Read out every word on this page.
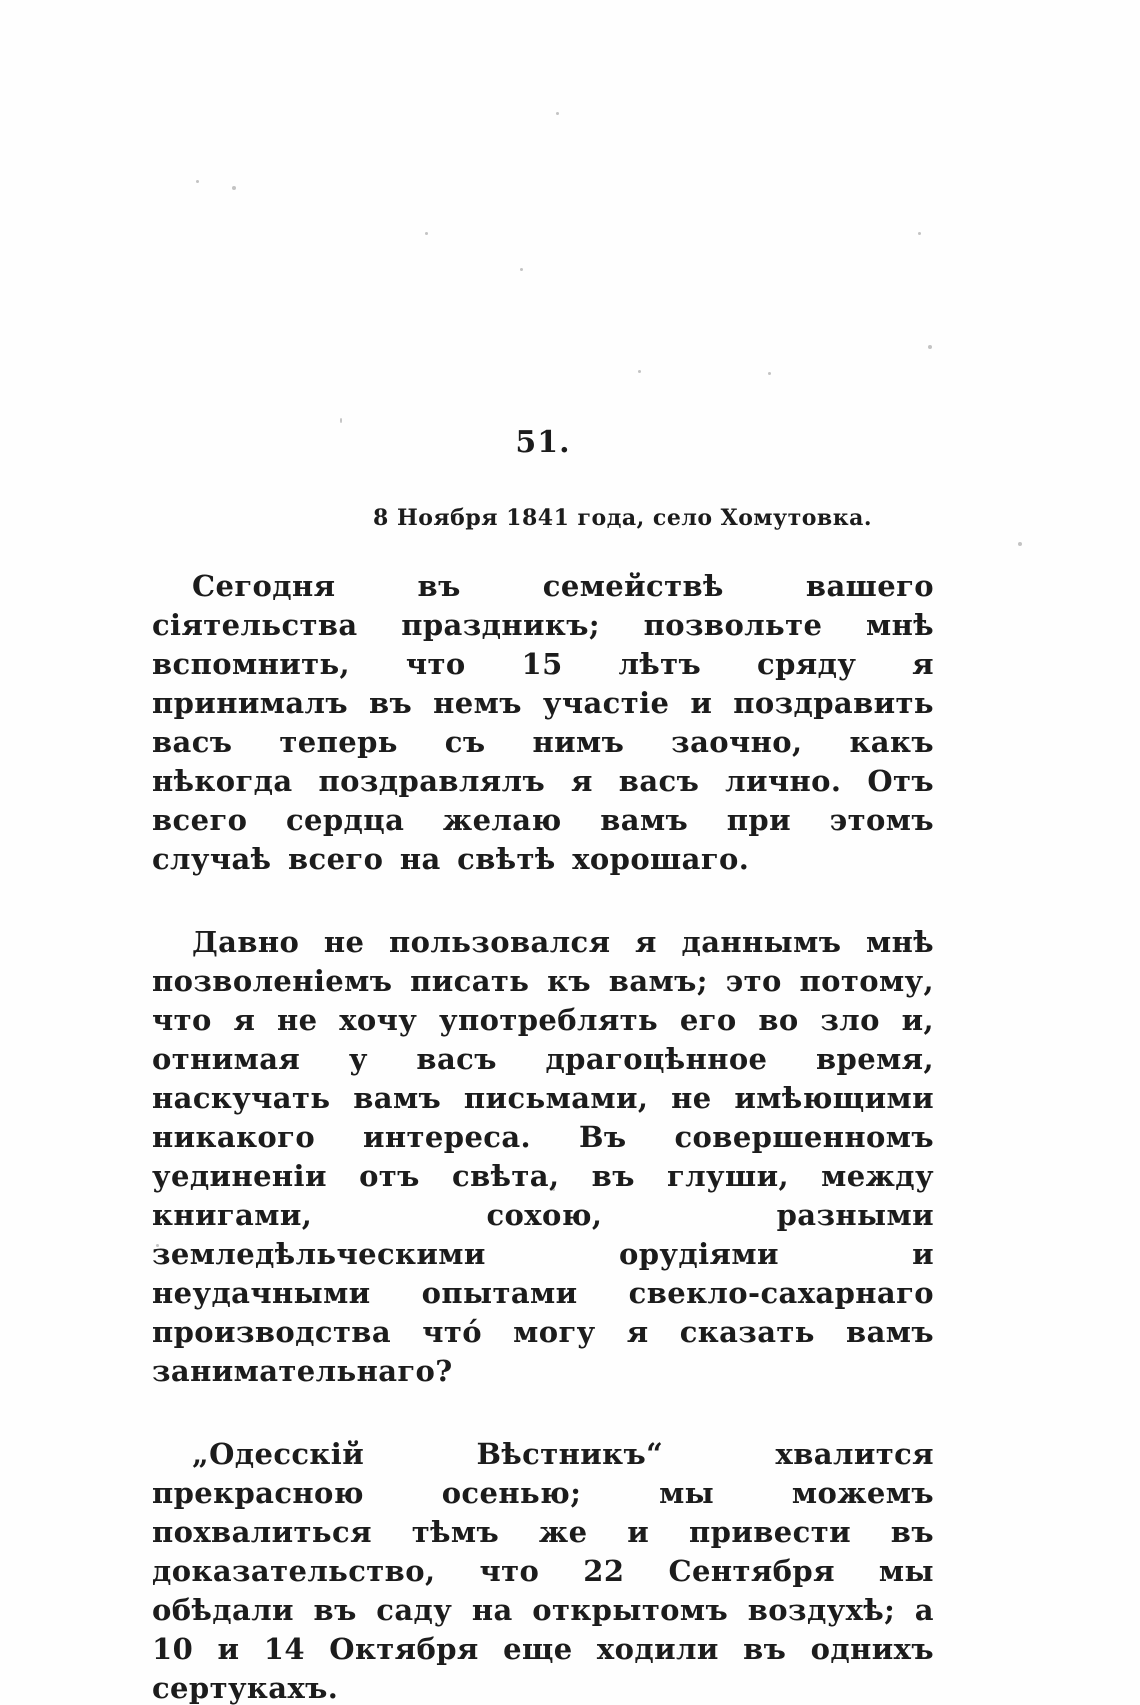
51.
8 Ноября 1841 года, село Хомутовка.

Сегодня въ семействѣ вашего сіятельства праздникъ; позвольте мнѣ вспомнить, что 15 лѣтъ сряду я принималъ въ немъ участіе и поздравить васъ теперь съ нимъ заочно, какъ нѣкогда поздравлялъ я васъ лично. Отъ всего сердца желаю вамъ при этомъ случаѣ всего на свѣтѣ хорошаго.

Давно не пользовался я даннымъ мнѣ позволеніемъ писать къ вамъ; это потому, что я не хочу употреблять его во зло и, отнимая у васъ драгоцѣнное время, наскучать вамъ письмами, не имѣющими никакого интереса. Въ совершенномъ уединеніи отъ свѣта, въ глуши, между книгами, сохою, разными земледѣльческими орудіями и неудачными опытами свекло-сахарнаго производства что́ могу я сказать вамъ занимательнаго?

„Одесскій Вѣстникъ“ хвалится прекрасною осенью; мы можемъ похвалиться тѣмъ же и привести въ доказательство, что 22 Сентября мы обѣдали въ саду на открытомъ воздухѣ; а 10 и 14 Октября еще ходили въ однихъ сертукахъ.
